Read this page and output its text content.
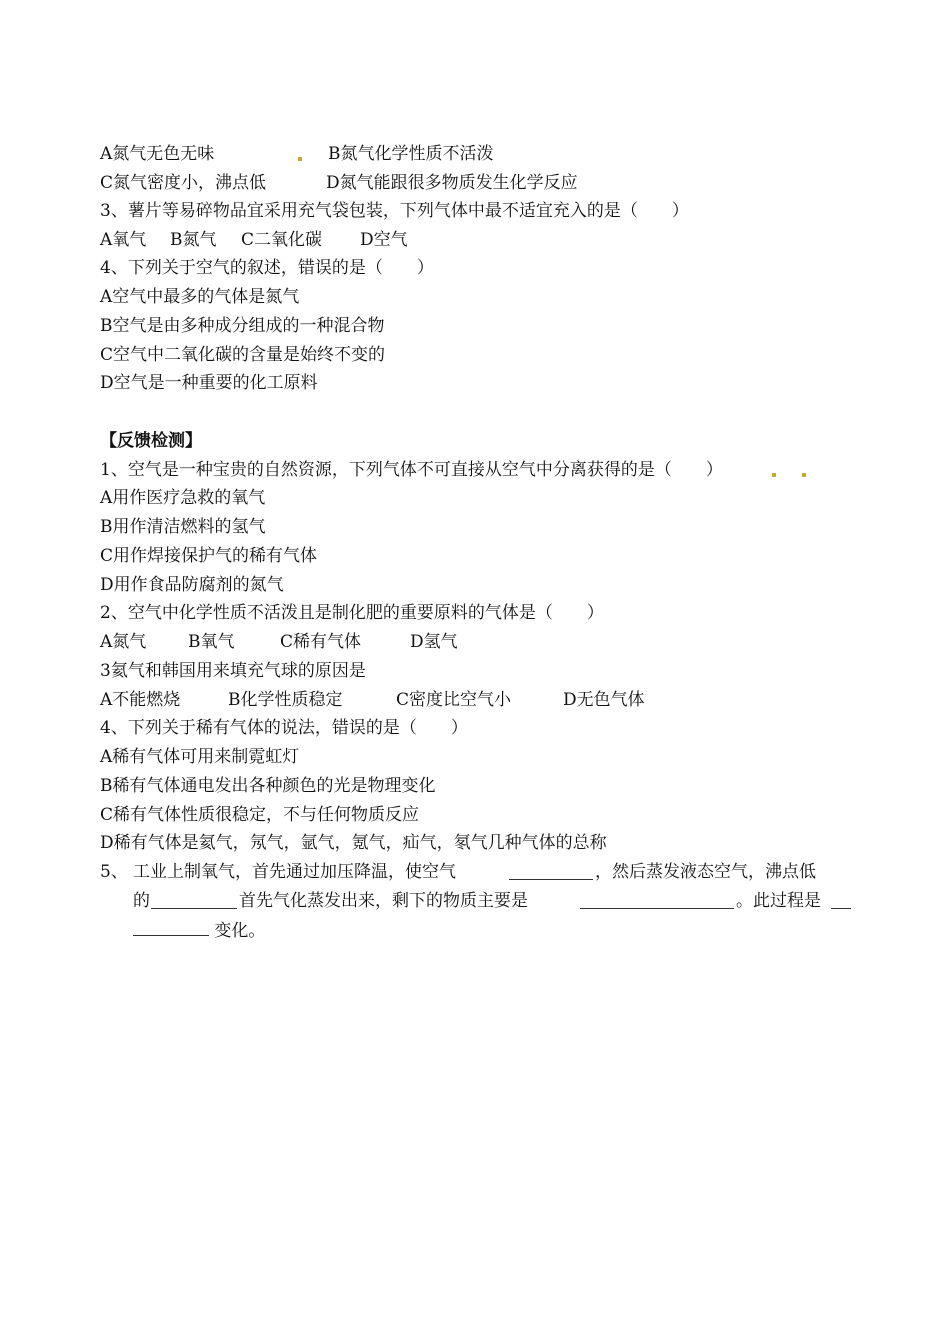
A氮气无色无味	B氮气化学性质不活泼
C氮气密度小，沸点低	D氮气能跟很多物质发生化学反应
3、薯片等易碎物品宜采用充气袋包装，下列气体中最不适宜充入的是（　　）
A氧气 B氮气 C二氧化碳 D空气
4、下列关于空气的叙述，错误的是（　　）
A空气中最多的气体是氮气
B空气是由多种成分组成的一种混合物
C空气中二氧化碳的含量是始终不变的
D空气是一种重要的化工原料
【反馈检测】
1、空气是一种宝贵的自然资源，下列气体不可直接从空气中分离获得的是（　　）
A用作医疗急救的氧气
B用作清洁燃料的氢气
C用作焊接保护气的稀有气体
D用作食品防腐剂的氮气
2、空气中化学性质不活泼且是制化肥的重要原料的气体是（　　）
A氮气 B氧气	C稀有气体	D氢气
3氦气和韩国用来填充气球的原因是
A不能燃烧	B化学性质稳定	C密度比空气小	D无色气体
4、下列关于稀有气体的说法，错误的是（　　）
A稀有气体可用来制霓虹灯
B稀有气体通电发出各种颜色的光是物理变化
C稀有气体性质很稳定，不与任何物质反应
D稀有气体是氦气，氖气，氩气，氪气，疝气，氡气几种气体的总称
5、 工业上制氧气，首先通过加压降温，使空气	，然后蒸发液态空气，沸点低
的	首先气化蒸发出来，剩下的物质主要是	。此过程是
变化。
